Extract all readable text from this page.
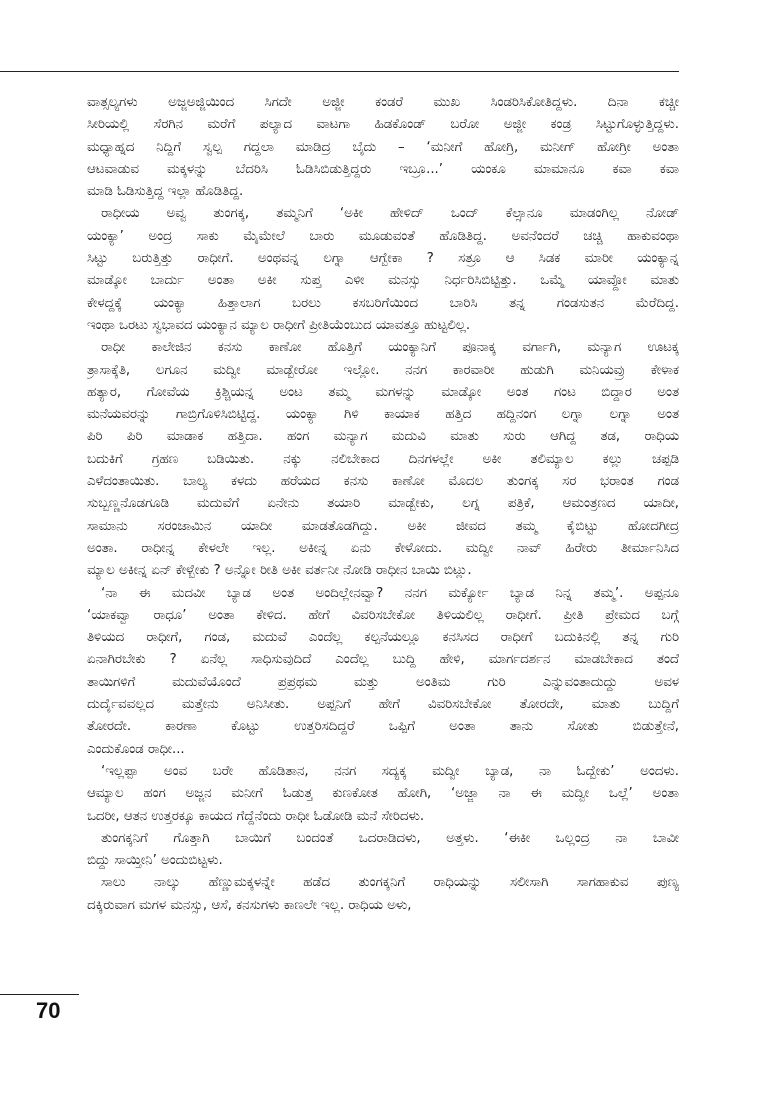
ವಾತ್ಸಲ್ಯಗಳು ಅಜ್ಜಅಜ್ಜಿಯಿಂದ ಸಿಗದೇ ಅಜ್ಜೀ ಕಂಡರೆ ಮುಖ ಸಿಂಡರಿಸಿಕೋತಿದ್ದಳು. ದಿನಾ ಕಚ್ಚೀ
ಸೀರಿಯಲ್ಲಿ ಸೆರಗಿನ ಮರೆಗೆ ಪಲ್ಯಾದ ವಾಟಗಾ ಹಿಡಕೊಂಡ್ ಬರೋ ಅಜ್ಜೀ ಕಂಡ್ರ ಸಿಟ್ಟುಗೊಳ್ಳುತ್ತಿದ್ದಳು.
ಮಧ್ಯಾಹ್ನದ ನಿದ್ದಿಗೆ ಸ್ವಲ್ಪ ಗದ್ದಲಾ ಮಾಡಿದ್ರ ಬೈದು – ‘ಮನೀಗೆ ಹೋಗ್ರಿ, ಮನೀಗ್ ಹೋಗ್ರೀ ಅಂತಾ
ಆಟವಾಡುವ ಮಕ್ಕಳನ್ನು ಬೆದರಿಸಿ ಓಡಿಸಿಬಿಡುತ್ತಿದ್ದರು ಇಬ್ರೂ...’ ಯಂಕೂ ಮಾಮಾನೂ ಕವಾ ಕವಾ
ಮಾಡಿ ಓಡಿಸುತ್ತಿದ್ದ ಇಲ್ಲಾ ಹೊಡಿತಿದ್ದ.
ರಾಧೀಯ ಅವ್ವ ತುಂಗಕ್ಕ, ತಮ್ಮನಿಗೆ ‘ಅಕೀ ಹೇಳಿದ್ ಒಂದ್ ಕೆಲ್ಸಾನೂ ಮಾಡಂಗಿಲ್ಲ ನೋಡ್
ಯಂಕ್ಯಾ’ ಅಂದ್ರ ಸಾಕು ಮೈಮೇಲೆ ಬಾರು ಮೂಡುವಂತೆ ಹೊಡಿತಿದ್ದ. ಅವನೆಂದರೆ ಚಚ್ಚಿ ಹಾಕುವಂಥಾ
ಸಿಟ್ಟು ಬರುತ್ತಿತ್ತು ರಾಧೀಗೆ. ಅಂಥವನ್ನ ಲಗ್ನಾ ಆಗ್ಬೇಕಾ ? ಸತ್ರೂ ಆ ಸಿಡಕ ಮಾರೀ ಯಂಕ್ಯಾನ್ನ
ಮಾಡ್ಕೋ ಬಾರ್ದು ಅಂತಾ ಅಕೀ ಸುಪ್ತ ಎಳೀ ಮನಸ್ಸು ನಿರ್ಧರಿಸಿಬಿಟ್ಟಿತ್ತು. ಒಮ್ಮೆ ಯಾವ್ದೋ ಮಾತು
ಕೇಳದ್ದಕ್ಕೆ ಯಂಕ್ಯಾ ಹಿತ್ತಾಲಾಗ ಬರಲು ಕಸಬರಿಗೆಯಿಂದ ಬಾರಿಸಿ ತನ್ನ ಗಂಡಸುತನ ಮೆರೆದಿದ್ದ.
ಇಂಥಾ ಒರಟು ಸ್ವಭಾವದ ಯಂಕ್ಯಾನ ಮ್ಯಾಲ ರಾಧೀಗೆ ಪ್ರೀತಿಯೆಂಬುದ ಯಾವತ್ತೂ ಹುಟ್ಟಲಿಲ್ಲ.
ರಾಧೀ ಕಾಲೇಜಿನ ಕನಸು ಕಾಣೋ ಹೊತ್ತಿಗೆ ಯಂಕ್ಯಾನಿಗೆ ಪೂನಾಕ್ಕ ವರ್ಗಾಗಿ, ಮನ್ಯಾಗ ಊಟಕ್ಕ
ತ್ರಾಸಾಕ್ಕೆತಿ, ಲಗೂನ ಮದ್ವೀ ಮಾಡ್ಬೇರೋ ಇಲ್ಲೋ. ನನಗ ಕಾರವಾರೀ ಹುಡುಗಿ ಮನಿಯವ್ರು ಕೇಳಾಕ
ಹತ್ಯಾರ, ಗೋವೆಯ ಕ್ರಿಶ್ಚಿಯನ್ನ ಅಂಟ ತಮ್ಮ ಮಗಳನ್ನು ಮಾಡ್ಕೋ ಅಂತ ಗಂಟ ಬಿದ್ದಾರ ಅಂತ
ಮನೆಯವರನ್ನು ಗಾಬ್ರಿಗೊಳಿಸಿಬಿಟ್ಟಿದ್ದ. ಯಂಕ್ಯಾ ಗಿಳಿ ಕಾಯಾಕ ಹತ್ತಿದ ಹದ್ದಿನಂಗ ಲಗ್ನಾ ಲಗ್ನಾ ಅಂತ
ಪಿರಿ ಪಿರಿ ಮಾಡಾಕ ಹತ್ತಿದಾ. ಹಂಗ ಮನ್ಯಾಗ ಮದುವಿ ಮಾತು ಸುರು ಆಗಿದ್ದ ತಡ, ರಾಧಿಯ
ಬದುಕಿಗೆ ಗ್ರಹಣ ಬಡಿಯಿತು. ನಕ್ಕು ನಲಿಬೇಕಾದ ದಿನಗಳಲ್ಲೇ ಅಕೀ ತಲಿಮ್ಯಾಲ ಕಲ್ಲು ಚಪ್ಪಡಿ
ಎಳೆದಂತಾಯಿತು. ಬಾಲ್ಯ ಕಳದು ಹರೆಯದ ಕನಸು ಕಾಣೋ ಮೊದಲ ತುಂಗಕ್ಕ ಸರ ಭರಾಂತ ಗಂಡ
ಸುಬ್ಬಣ್ಣನೊಡಗೂಡಿ ಮದುವೆಗೆ ಏನೇನು ತಯಾರಿ ಮಾಡ್ಬೇಕು, ಲಗ್ನ ಪತ್ರಿಕೆ, ಆಮಂತ್ರಣದ ಯಾದೀ,
ಸಾಮಾನು ಸರಂಜಾಮಿನ ಯಾದೀ ಮಾಡತೊಡಗಿದ್ದು. ಅಕೀ ಜೀವದ ತಮ್ಮ ಕೈಬಿಟ್ಟು ಹೋದಗೀದ್ರ
ಅಂತಾ. ರಾಧೀನ್ನ ಕೇಳಲೇ ಇಲ್ಲ. ಅಕೀನ್ನ ಏನು ಕೇಳೋದು. ಮದ್ವೀ ನಾವ್ ಹಿರೇರು ತೀರ್ಮಾನಿಸಿದ
ಮ್ಯಾಲ ಅಕೀನ್ನ ಏನ್ ಕೇಳ್ಬೇಕು ? ಅನ್ನೋ ರೀತಿ ಅಕೀ ವರ್ತನೀ ನೋಡಿ ರಾಧೀನ ಬಾಯಿ ಬಿಟ್ಲು.
‘ನಾ ಈ ಮದವೀ ಬ್ಯಾಡ ಅಂತ ಅಂದಿಲ್ಲೇನವ್ವಾ? ನನಗ ಮರ್ಕ್ಯೋ ಬ್ಯಾಡ ನಿನ್ನ ತಮ್ಮ’. ಅಪ್ಪನೂ
‘ಯಾಕವ್ವಾ ರಾಧೂ’ ಅಂತಾ ಕೇಳಿದ. ಹೇಗೆ ವಿವರಿಸಬೇಕೋ ತಿಳಿಯಲಿಲ್ಲ ರಾಧೀಗೆ. ಪ್ರೀತಿ ಪ್ರೇಮದ ಬಗ್ಗೆ
ತಿಳಿಯದ ರಾಧೀಗೆ, ಗಂಡ, ಮದುವೆ ಎಂದೆಲ್ಲ ಕಲ್ಪನೆಯಲ್ಲೂ ಕನಸಿಸದ ರಾಧೀಗೆ ಬದುಕಿನಲ್ಲಿ ತನ್ನ ಗುರಿ
ಏನಾಗಿರಬೇಕು ? ಏನೆಲ್ಲ ಸಾಧಿಸುವುದಿದೆ ಎಂದೆಲ್ಲ ಬುದ್ದಿ ಹೇಳಿ, ಮಾರ್ಗದರ್ಶನ ಮಾಡಬೇಕಾದ ತಂದೆ
ತಾಯಿಗಳಿಗೆ ಮದುವೆಯೊಂದೆ ಪ್ರಪ್ರಥಮ ಮತ್ತು ಅಂತಿಮ ಗುರಿ ಎನ್ನುವಂತಾದುದ್ದು ಅವಳ
ದುರ್ದೈವವಲ್ಲದ ಮತ್ತೇನು ಅನಿಸೀತು. ಅಪ್ಪನಿಗೆ ಹೇಗೆ ವಿವರಿಸಬೇಕೋ ತೋರದೇ, ಮಾತು ಬುದ್ದಿಗೆ
ತೋರದೇ. ಕಾರಣಾ ಕೊಟ್ಟು ಉತ್ತರಿಸದಿದ್ದರೆ ಒಪ್ಪಿಗೆ ಅಂತಾ ತಾನು ಸೋತು ಬಿಡುತ್ತೇನೆ,
ಎಂದುಕೊಂಡ ರಾಧೀ...
‘ಇಲ್ಲಪ್ಪಾ ಅಂವ ಬರೇ ಹೊಡಿತಾನ, ನನಗ ಸದ್ಯಕ್ಕ ಮದ್ವೀ ಬ್ಯಾಡ, ನಾ ಓದ್ಬೇಕು’ ಅಂದಳು.
ಆಮ್ಯಾಲ ಹಂಗ ಅಜ್ಜನ ಮನೀಗೆ ಓಡುತ್ತ ಕುಣಕೋತ ಹೋಗಿ, ‘ಅಜ್ಜಾ ನಾ ಈ ಮದ್ವೀ ಒಲ್ಲೆ’ ಅಂತಾ
ಒದರೀ, ಆತನ ಉತ್ತರಕ್ಕೂ ಕಾಯದ ಗೆದ್ದೆನೆಂದು ರಾಧೀ ಓಡೋಡಿ ಮನೆ ಸೇರಿದಳು.
ತುಂಗಕ್ಕನಿಗೆ ಗೊತ್ತಾಗಿ ಬಾಯಿಗೆ ಬಂದಂತೆ ಒದರಾಡಿದಳು, ಅತ್ತಳು. ‘ಈಕೀ ಒಲ್ಲಂದ್ರ ನಾ ಬಾವೀ
ಬಿದ್ದು ಸಾಯ್ತೀನಿ’ ಅಂದುಬಿಟ್ಟಳು.
ಸಾಲು ನಾಲ್ಕು ಹೆಣ್ಣುಮಕ್ಕಳನ್ನೇ ಹಡೆದ ತುಂಗಕ್ಕನಿಗೆ ರಾಧಿಯನ್ನು ಸಲೀಸಾಗಿ ಸಾಗಹಾಕುವ ಪುಣ್ಯ
ದಕ್ಕಿರುವಾಗ ಮಗಳ ಮನಸ್ಸು, ಆಸೆ, ಕನಸುಗಳು ಕಾಣಲೇ ಇಲ್ಲ. ರಾಧಿಯ ಅಳು,
70
